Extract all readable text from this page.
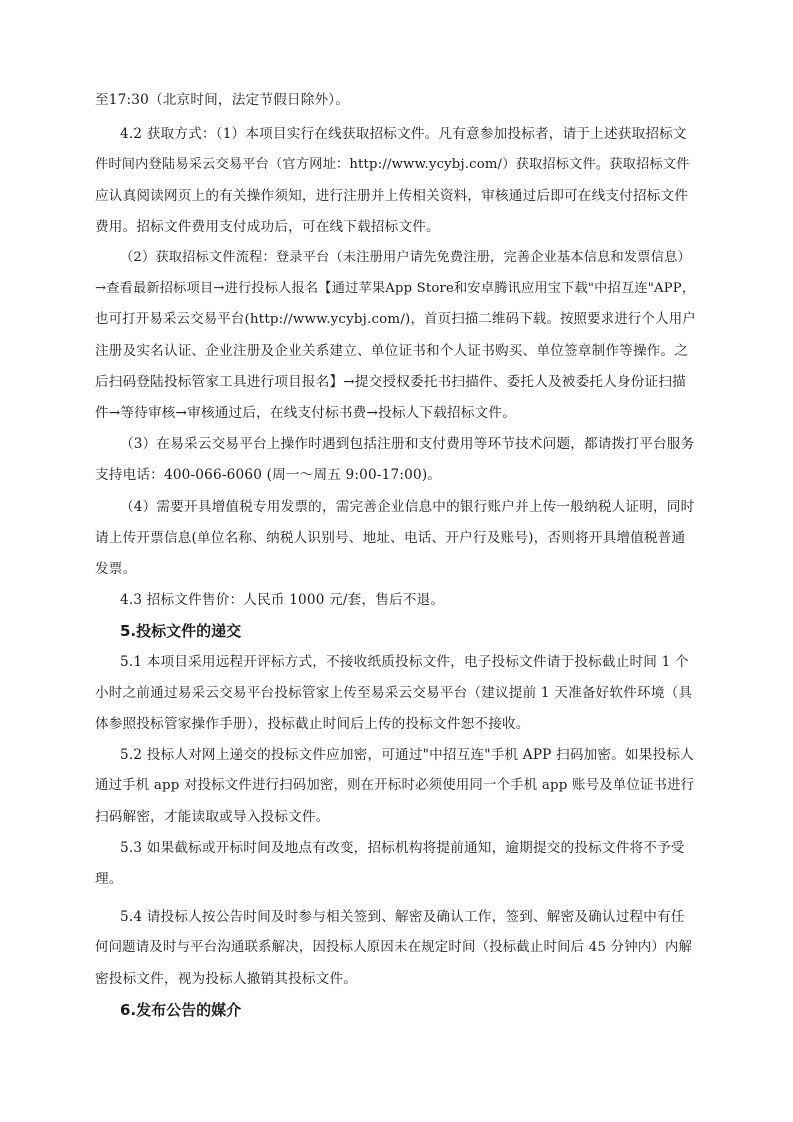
至17:30（北京时间，法定节假日除外）。
4.2 获取方式：（1）本项目实行在线获取招标文件。凡有意参加投标者，请于上述获取招标文
件时间内登陆易采云交易平台（官方网址：http://www.ycybj.com/）获取招标文件。获取招标文件
应认真阅读网页上的有关操作须知，进行注册并上传相关资料，审核通过后即可在线支付招标文件
费用。招标文件费用支付成功后，可在线下载招标文件。
（2）获取招标文件流程：登录平台（未注册用户请先免费注册，完善企业基本信息和发票信息）
→查看最新招标项目→进行投标人报名【通过苹果App Store和安卓腾讯应用宝下载"中招互连"APP，
也可打开易采云交易平台(http://www.ycybj.com/)，首页扫描二维码下载。按照要求进行个人用户
注册及实名认证、企业注册及企业关系建立、单位证书和个人证书购买、单位签章制作等操作。之
后扫码登陆投标管家工具进行项目报名】→提交授权委托书扫描件、委托人及被委托人身份证扫描
件→等待审核→审核通过后，在线支付标书费→投标人下载招标文件。
（3）在易采云交易平台上操作时遇到包括注册和支付费用等环节技术问题，都请拨打平台服务
支持电话：400-066-6060 (周一～周五 9:00-17:00)。
（4）需要开具增值税专用发票的，需完善企业信息中的银行账户并上传一般纳税人证明，同时
请上传开票信息(单位名称、纳税人识别号、地址、电话、开户行及账号)，否则将开具增值税普通
发票。
4.3 招标文件售价：人民币 1000 元/套，售后不退。
5.投标文件的递交
5.1 本项目采用远程开评标方式，不接收纸质投标文件，电子投标文件请于投标截止时间 1 个
小时之前通过易采云交易平台投标管家上传至易采云交易平台（建议提前 1 天准备好软件环境（具
体参照投标管家操作手册），投标截止时间后上传的投标文件恕不接收。
5.2 投标人对网上递交的投标文件应加密，可通过"中招互连"手机 APP 扫码加密。如果投标人
通过手机 app 对投标文件进行扫码加密，则在开标时必须使用同一个手机 app 账号及单位证书进行
扫码解密，才能读取或导入投标文件。
5.3 如果截标或开标时间及地点有改变，招标机构将提前通知，逾期提交的投标文件将不予受
理。
5.4 请投标人按公告时间及时参与相关签到、解密及确认工作，签到、解密及确认过程中有任
何问题请及时与平台沟通联系解决，因投标人原因未在规定时间（投标截止时间后 45 分钟内）内解
密投标文件，视为投标人撤销其投标文件。
6.发布公告的媒介
